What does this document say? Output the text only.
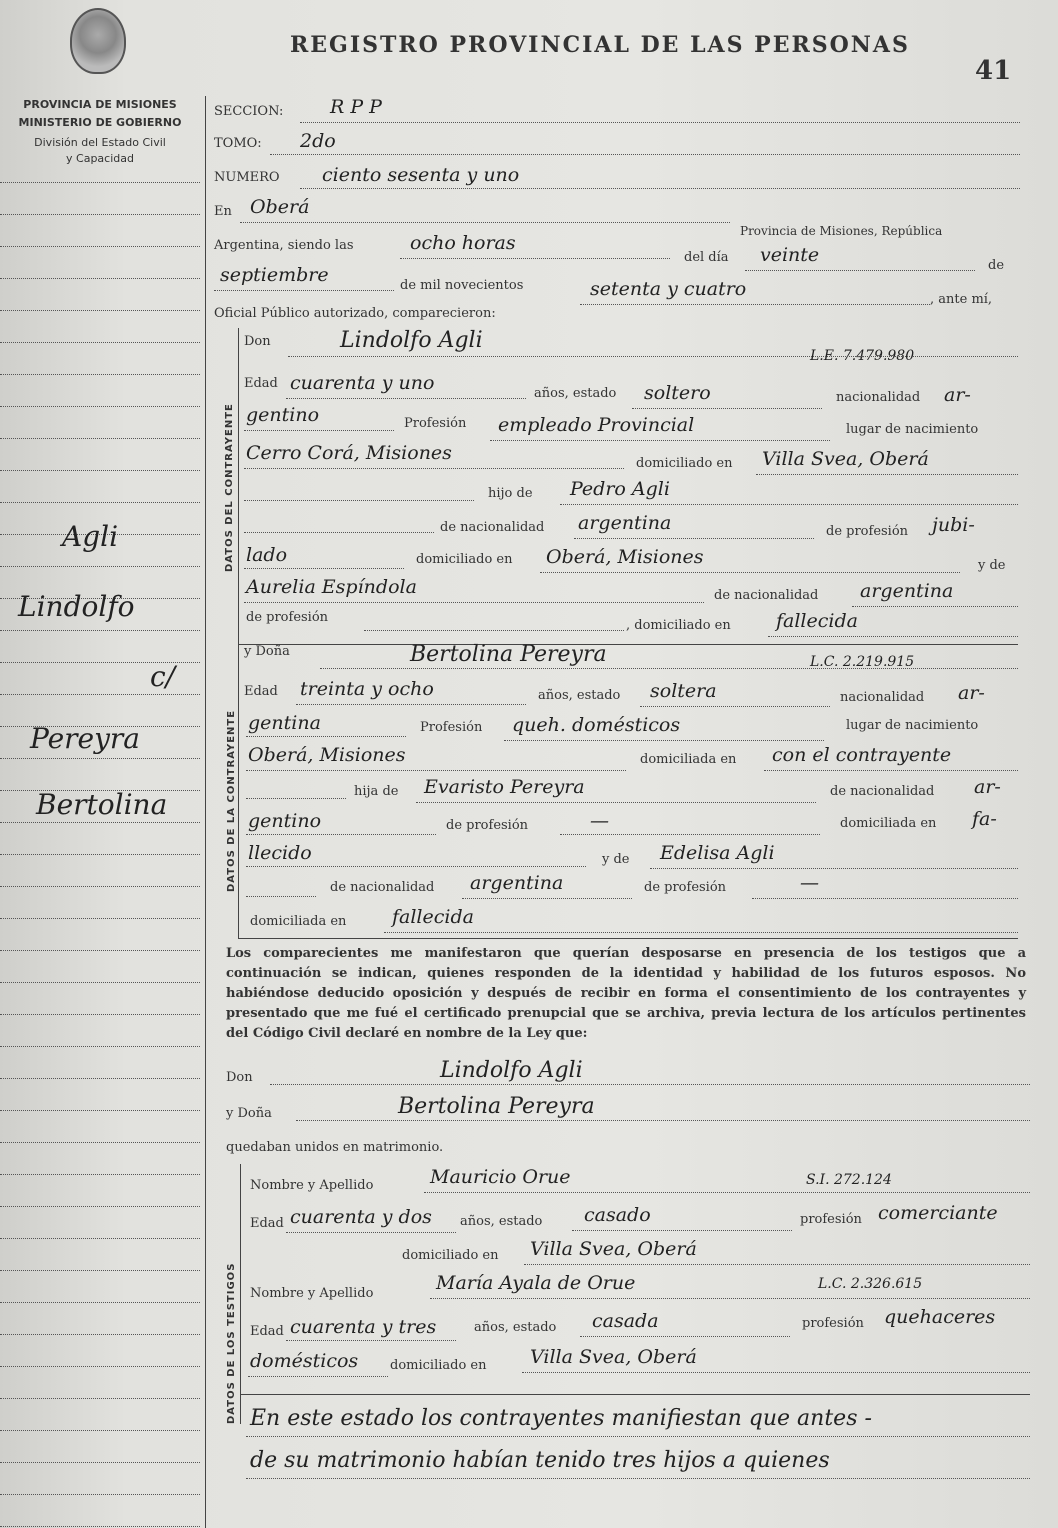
REGISTRO PROVINCIAL DE LAS PERSONAS
41
PROVINCIA DE MISIONES
MINISTERIO DE GOBIERNO
División del Estado Civil
y Capacidad
Agli
Lindolfo
c/
Pereyra
Bertolina
SECCION: R P P
TOMO: 2do
NUMERO ciento sesenta y uno
En Oberá
Provincia de Misiones, República
Argentina, siendo las	ocho horas
del día veinte	de
septiembre	de mil novecientos	setenta y cuatro	, ante mí,
Oficial Público autorizado, comparecieron:
DATOS DEL CONTRAYENTE
Don	Lindolfo Agli
L.E. 7.479.980
Edad cuarenta y uno	años, estado soltero	nacionalidad ar-
gentino	Profesión empleado Provincial	lugar de nacimiento
Cerro Corá, Misiones	domiciliado en Villa Svea, Oberá
hijo de Pedro Agli
de nacionalidad argentina	de profesión jubi-
lado	domiciliado en Oberá, Misiones	y de
Aurelia Espíndola	de nacionalidad argentina
de profesión
, domiciliado en fallecida
DATOS DE LA CONTRAYENTE
y Doña	Bertolina Pereyra	L.C. 2.219.915
Edad treinta y ocho	años, estado soltera	nacionalidad ar-
gentina	Profesión queh. domésticos	lugar de nacimiento
Oberá, Misiones	domiciliada en con el contrayente
hija de Evaristo Pereyra	de nacionalidad ar-
gentino	de profesión	—	domiciliada en fa-
llecido	y de Edelisa Agli
de nacionalidad argentina	de profesión	—
domiciliada en fallecida
Los comparecientes me manifestaron que querían desposarse en presencia de los testigos que a continuación se indican, quienes responden de la identidad y habilidad de los futuros esposos. No habiéndose deducido oposición y después de recibir en forma el consentimiento de los contrayentes y presentado que me fué el certificado prenupcial que se archiva, previa lectura de los artículos pertinentes del Código Civil declaré en nombre de la Ley que:
Don	Lindolfo Agli
y Doña	Bertolina Pereyra
quedaban unidos en matrimonio.
DATOS DE LOS TESTIGOS
Nombre y Apellido	Mauricio Orue	S.I. 272.124
Edad cuarenta y dos años, estado casado	profesión comerciante
domiciliado en Villa Svea, Oberá
Nombre y Apellido	María Ayala de Orue	L.C. 2.326.615
Edad cuarenta y tres	años, estado casada	profesión quehaceres
domésticos domiciliado en Villa Svea, Oberá
En este estado los contrayentes manifiestan que antes -
de su matrimonio habían tenido tres hijos a quienes
